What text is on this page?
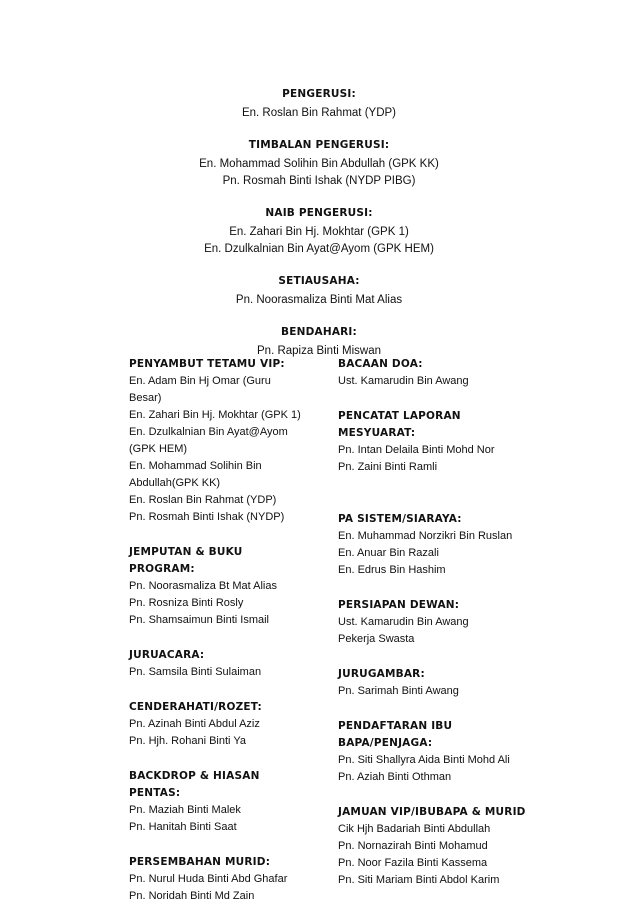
PENGERUSI:
En. Roslan Bin Rahmat (YDP)
TIMBALAN PENGERUSI:
En. Mohammad Solihin Bin Abdullah (GPK KK)
Pn. Rosmah Binti Ishak (NYDP PIBG)
NAIB PENGERUSI:
En. Zahari Bin Hj. Mokhtar (GPK 1)
En. Dzulkalnian Bin Ayat@Ayom (GPK HEM)
SETIAUSAHA:
Pn. Noorasmaliza Binti Mat Alias
BENDAHARI:
Pn. Rapiza Binti Miswan
PENYAMBUT TETAMU VIP:
En. Adam Bin Hj Omar (Guru
Besar)
En. Zahari Bin Hj. Mokhtar (GPK 1)
En. Dzulkalnian Bin Ayat@Ayom
(GPK HEM)
En. Mohammad Solihin Bin
Abdullah(GPK KK)
En. Roslan Bin Rahmat (YDP)
Pn. Rosmah Binti Ishak (NYDP)
JEMPUTAN & BUKU PROGRAM:
Pn. Noorasmaliza Bt Mat Alias
Pn. Rosniza Binti Rosly
Pn. Shamsaimun Binti Ismail
JURUACARA:
Pn. Samsila Binti Sulaiman
CENDERAHATI/ROZET:
Pn. Azinah Binti Abdul Aziz
Pn. Hjh. Rohani Binti Ya
BACKDROP & HIASAN PENTAS:
Pn. Maziah Binti Malek
Pn. Hanitah Binti Saat
PERSEMBAHAN MURID:
Pn. Nurul Huda Binti Abd Ghafar
Pn. Noridah Binti Md Zain
BACAAN DOA:
Ust. Kamarudin Bin Awang
PENCATAT LAPORAN
MESYUARAT:
Pn. Intan Delaila Binti Mohd Nor
Pn. Zaini Binti Ramli

PA SISTEM/SIARAYA:
En. Muhammad Norzikri Bin Ruslan
En. Anuar Bin Razali
En. Edrus Bin Hashim
PERSIAPAN DEWAN:
Ust. Kamarudin Bin Awang
Pekerja Swasta
JURUGAMBAR:
Pn. Sarimah Binti Awang
PENDAFTARAN IBU
BAPA/PENJAGA:
Pn. Siti Shallyra Aida Binti Mohd Ali
Pn. Aziah Binti Othman
JAMUAN VIP/IBUBAPA & MURID
Cik Hjh Badariah Binti Abdullah
Pn. Nornazirah Binti Mohamud
Pn. Noor Fazila Binti Kassema
Pn. Siti Mariam Binti Abdol Karim
